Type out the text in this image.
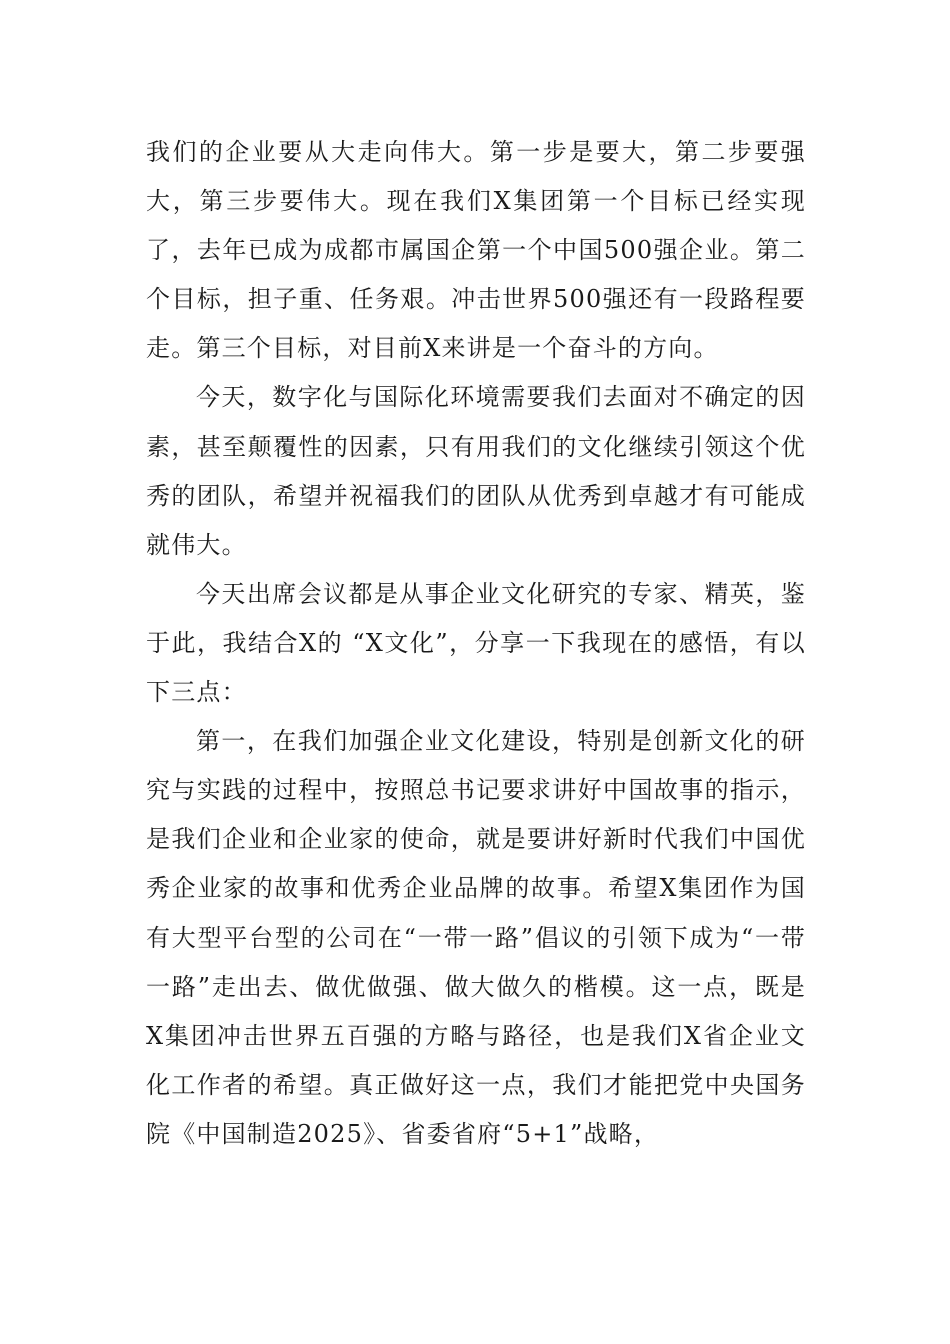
我们的企业要从大走向伟大。第一步是要大，第二步要强大，第三步要伟大。现在我们X集团第一个目标已经实现了，去年已成为成都市属国企第一个中国500强企业。第二个目标，担子重、任务艰。冲击世界500强还有一段路程要走。第三个目标，对目前X来讲是一个奋斗的方向。

今天，数字化与国际化环境需要我们去面对不确定的因素，甚至颠覆性的因素，只有用我们的文化继续引领这个优秀的团队，希望并祝福我们的团队从优秀到卓越才有可能成就伟大。

今天出席会议都是从事企业文化研究的专家、精英，鉴于此，我结合X的 “X文化”，分享一下我现在的感悟，有以下三点：

第一，在我们加强企业文化建设，特别是创新文化的研究与实践的过程中，按照总书记要求讲好中国故事的指示，是我们企业和企业家的使命，就是要讲好新时代我们中国优秀企业家的故事和优秀企业品牌的故事。希望X集团作为国有大型平台型的公司在“一带一路”倡议的引领下成为“一带一路”走出去、做优做强、做大做久的楷模。这一点，既是X集团冲击世界五百强的方略与路径，也是我们X省企业文化工作者的希望。真正做好这一点，我们才能把党中央国务院《中国制造2025》、省委省府“5+1”战略，
